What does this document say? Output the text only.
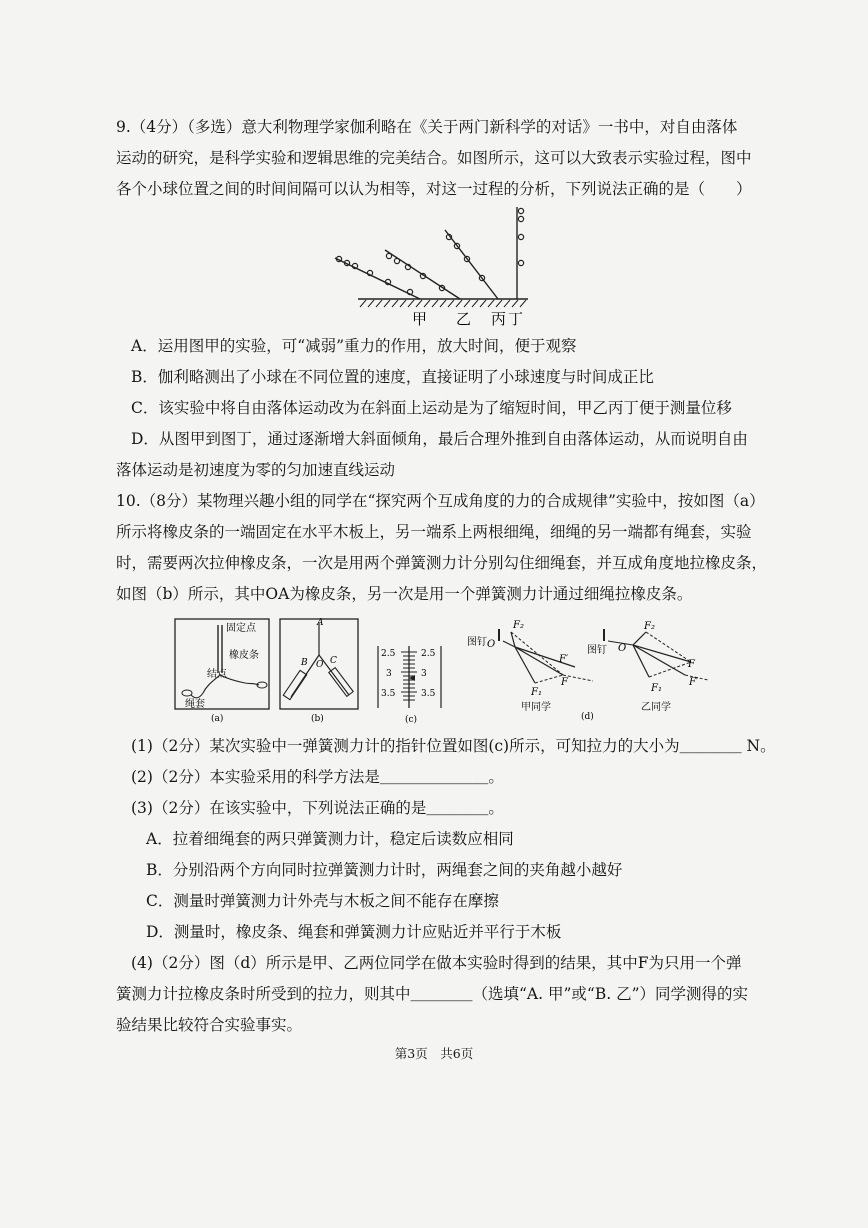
9.（4分）（多选）意大利物理学家伽利略在《关于两门新科学的对话》一书中，对自由落体
运动的研究，是科学实验和逻辑思维的完美结合。如图所示，这可以大致表示实验过程，图中
各个小球位置之间的时间间隔可以认为相等，对这一过程的分析，下列说法正确的是（　　）
甲 乙 丙 丁
A．运用图甲的实验，可“减弱”重力的作用，放大时间，便于观察
B．伽利略测出了小球在不同位置的速度，直接证明了小球速度与时间成正比
C．该实验中将自由落体运动改为在斜面上运动是为了缩短时间，甲乙丙丁便于测量位移
D．从图甲到图丁，通过逐渐增大斜面倾角，最后合理外推到自由落体运动，从而说明自由
落体运动是初速度为零的匀加速直线运动
10.（8分）某物理兴趣小组的同学在“探究两个互成角度的力的合成规律”实验中，按如图（a）
所示将橡皮条的一端固定在水平木板上，另一端系上两根细绳，细绳的另一端都有绳套，实验
时，需要两次拉伸橡皮条，一次是用两个弹簧测力计分别勾住细绳套，并互成角度地拉橡皮条，
如图（b）所示，其中OA为橡皮条，另一次是用一个弹簧测力计通过细绳拉橡皮条。
固定点
橡皮条
结点
绳套
(a)
A
B C
O
(b)
2.5
3
3.5
2.5
3
3.5
(c)
图钉 O
F₂
F′
F
F₁
甲同学
图钉 O
F₂
F
F′
F₁
乙同学
(d)
(1)（2分）某次实验中一弹簧测力计的指针位置如图(c)所示，可知拉力的大小为＿＿＿＿ N。
(2)（2分）本实验采用的科学方法是＿＿＿＿＿＿＿。
(3)（2分）在该实验中，下列说法正确的是＿＿＿＿。
A．拉着细绳套的两只弹簧测力计，稳定后读数应相同
B．分别沿两个方向同时拉弹簧测力计时，两绳套之间的夹角越小越好
C．测量时弹簧测力计外壳与木板之间不能存在摩擦
D．测量时，橡皮条、绳套和弹簧测力计应贴近并平行于木板
(4)（2分）图（d）所示是甲、乙两位同学在做本实验时得到的结果，其中F为只用一个弹
簧测力计拉橡皮条时所受到的拉力，则其中＿＿＿＿（选填“A. 甲”或“B. 乙”）同学测得的实
验结果比较符合实验事实。
第3页　共6页
